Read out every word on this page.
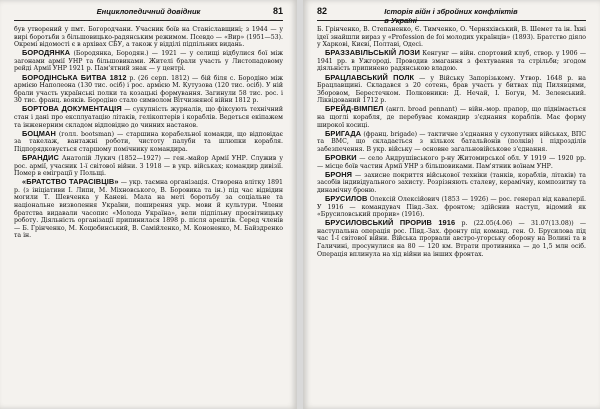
Енциклопедичний довідник	81

був утворений у пмт. Богородчани. Учасник боїв на Станіславщині; з 1944 — у вирі боротьби з більшовицько-радянським режимом. Псевдо — «Вир» (1951—53). Окремі відомості є в архівах СБУ, а також у відділі підпільних видань.

БОРОДЯНКА (Бородянка, Бородян.) — 1921 — у селищі відбулися бої між загонами армії УНР та більшовиками. Жителі брали участь у Листопадовому рейді Армії УНР 1921 р. Пам'ятний знак — у центрі.

БОРОДІНСЬКА БИТВА 1812 р. (26 серп. 1812) — бій біля с. Бородіно між армією Наполеона (130 тис. осіб) і рос. армією М. Кутузова (120 тис. осіб). У ній брали участь українські полки та козацькі формування. Загинули 58 тис. рос. і 30 тис. франц. вояків. Бородіно стало символом Вітчизняної війни 1812 р.

БОРТОВА ДОКУМЕНТАЦІЯ — сукупність журналів, що фіксують технічний стан і дані про експлуатацію літаків, гелікоптерів і кораблів. Ведеться екіпажем та інженерним складом відповідно до чинних настанов.

БОЦМАН (голл. bootsman) — старшина корабельної команди, що відповідає за такелаж, вантажні роботи, чистоту палуби та шлюпки корабля. Підпорядковується старшому помічнику командира.

БРАНДИС Анатолій Лукич (1852—1927) — ген.-майор Армії УНР. Служив у рос. армії, учасник 1-ї світової війни. З 1918 — в укр. військах; командир дивізії. Помер в еміграції у Польщі.

«БРАТСТВО ТАРАСІВЦІВ» — укр. таємна організація. Створена влітку 1891 р. (з ініціативи І. Липи, М. Міхновського, В. Боровика та ін.) під час відвідин могили Т. Шевченка у Каневі. Мала на меті боротьбу за соціальне та національне визволення України, поширення укр. мови й культури. Члени братства видавали часопис «Молода Україна», вели підпільну просвітницьку роботу. Діяльність організації припинилася 1898 р. після арештів. Серед членів — Б. Грінченко, М. Коцюбинський, В. Самійленко, М. Кононенко, М. Байздренко та ін.

82	Історія війн і збройних конфліктів в Україні

Б. Грінченко, В. Степаненко, Є. Тимченко, О. Черняхівський, В. Шемет та ін. Їхні ідеї знайшли вираз у «Profession de foi молодих українців» (1893). Братство діяло у Харкові, Києві, Полтаві, Одесі.

БРАЗЗАВІЛЬСЬКІЙ ЛОЗИ Кенгунг — війн. спортовий клуб, створ. у 1906 — 1941 рр. в Ужгороді. Проводив змагання з фехтування та стрільби; згодом діяльність припинено радянською владою.

БРАЦЛАВСЬКИЙ ПОЛК — у Війську Запорізькому. Утвор. 1648 р. на Брацлавщині. Складався з 20 сотень, брав участь у битвах під Пилявцями, Зборовом, Берестечком. Полковники: Д. Нечай, І. Богун, М. Зеленський. Ліквідований 1712 р.

БРЕЙД-ВІМПЕЛ (англ. broad pennant) — війн.-мор. прапор, що піднімається на щоглі корабля, де перебуває командир з'єднання кораблів. Має форму широкої косиці.

БРИГАДА (франц. brigade) — тактичне з'єднання у сухопутних військах, ВПС та ВМС, що складається з кількох батальйонів (полків) і підрозділів забезпечення. В укр. війську — основне загальновійськове з'єднання.

БРОВКИ — село Андрушівського р-ну Житомирської обл. У 1919 — 1920 рр. — місце боїв частин Армії УНР з більшовиками. Пам'ятник воїнам УНР.

БРОНЯ — захисне покриття військової техніки (танків, кораблів, літаків) та засобів індивідуального захисту. Розрізняють сталеву, керамічну, композитну та динамічну броню.

БРУСИЛОВ Олексій Олексійович (1853 — 1926) — рос. генерал від кавалерії. У 1916 — командувач Півд.-Зах. фронтом; здійснив наступ, відомий як «Брусиловський прорив» (1916).

БРУСИЛОВСЬКИЙ ПРОРИВ 1916 р. (22.05(4.06) — 31.07(13.08)) — наступальна операція рос. Півд.-Зах. фронту під команд. ген. О. Брусилова під час 1-ї світової війни. Війська прорвали австро-угорську оборону на Волині та в Галичині, просунулися на 80 — 120 км. Втрати противника — до 1,5 млн осіб. Операція вплинула на хід війни на інших фронтах.
